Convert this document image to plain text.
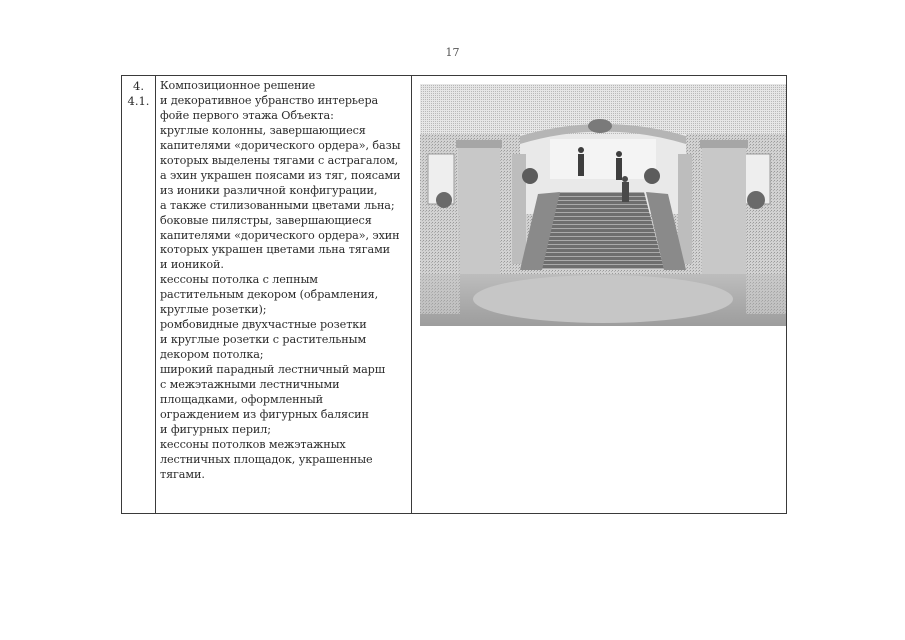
17
4.
4.1.
Композиционное решение
и декоративное убранство интерьера
фойе первого этажа Объекта:
круглые колонны, завершающиеся
капителями «дорического ордера», базы
которых выделены тягами с астрагалом,
а эхин украшен поясами из тяг, поясами
из ионики различной конфигурации,
а также стилизованными цветами льна;
боковые пилястры, завершающиеся
капителями «дорического ордера», эхин
которых украшен цветами льна тягами
и ионикой.
кессоны потолка с лепным
растительным декором (обрамления,
круглые розетки);
ромбовидные двухчастные розетки
и круглые розетки с растительным
декором потолка;
широкий парадный лестничный марш
с межэтажными лестничными
площадками, оформленный
ограждением из фигурных балясин
и фигурных перил;
кессоны потолков межэтажных
лестничных площадок, украшенные
тягами.
